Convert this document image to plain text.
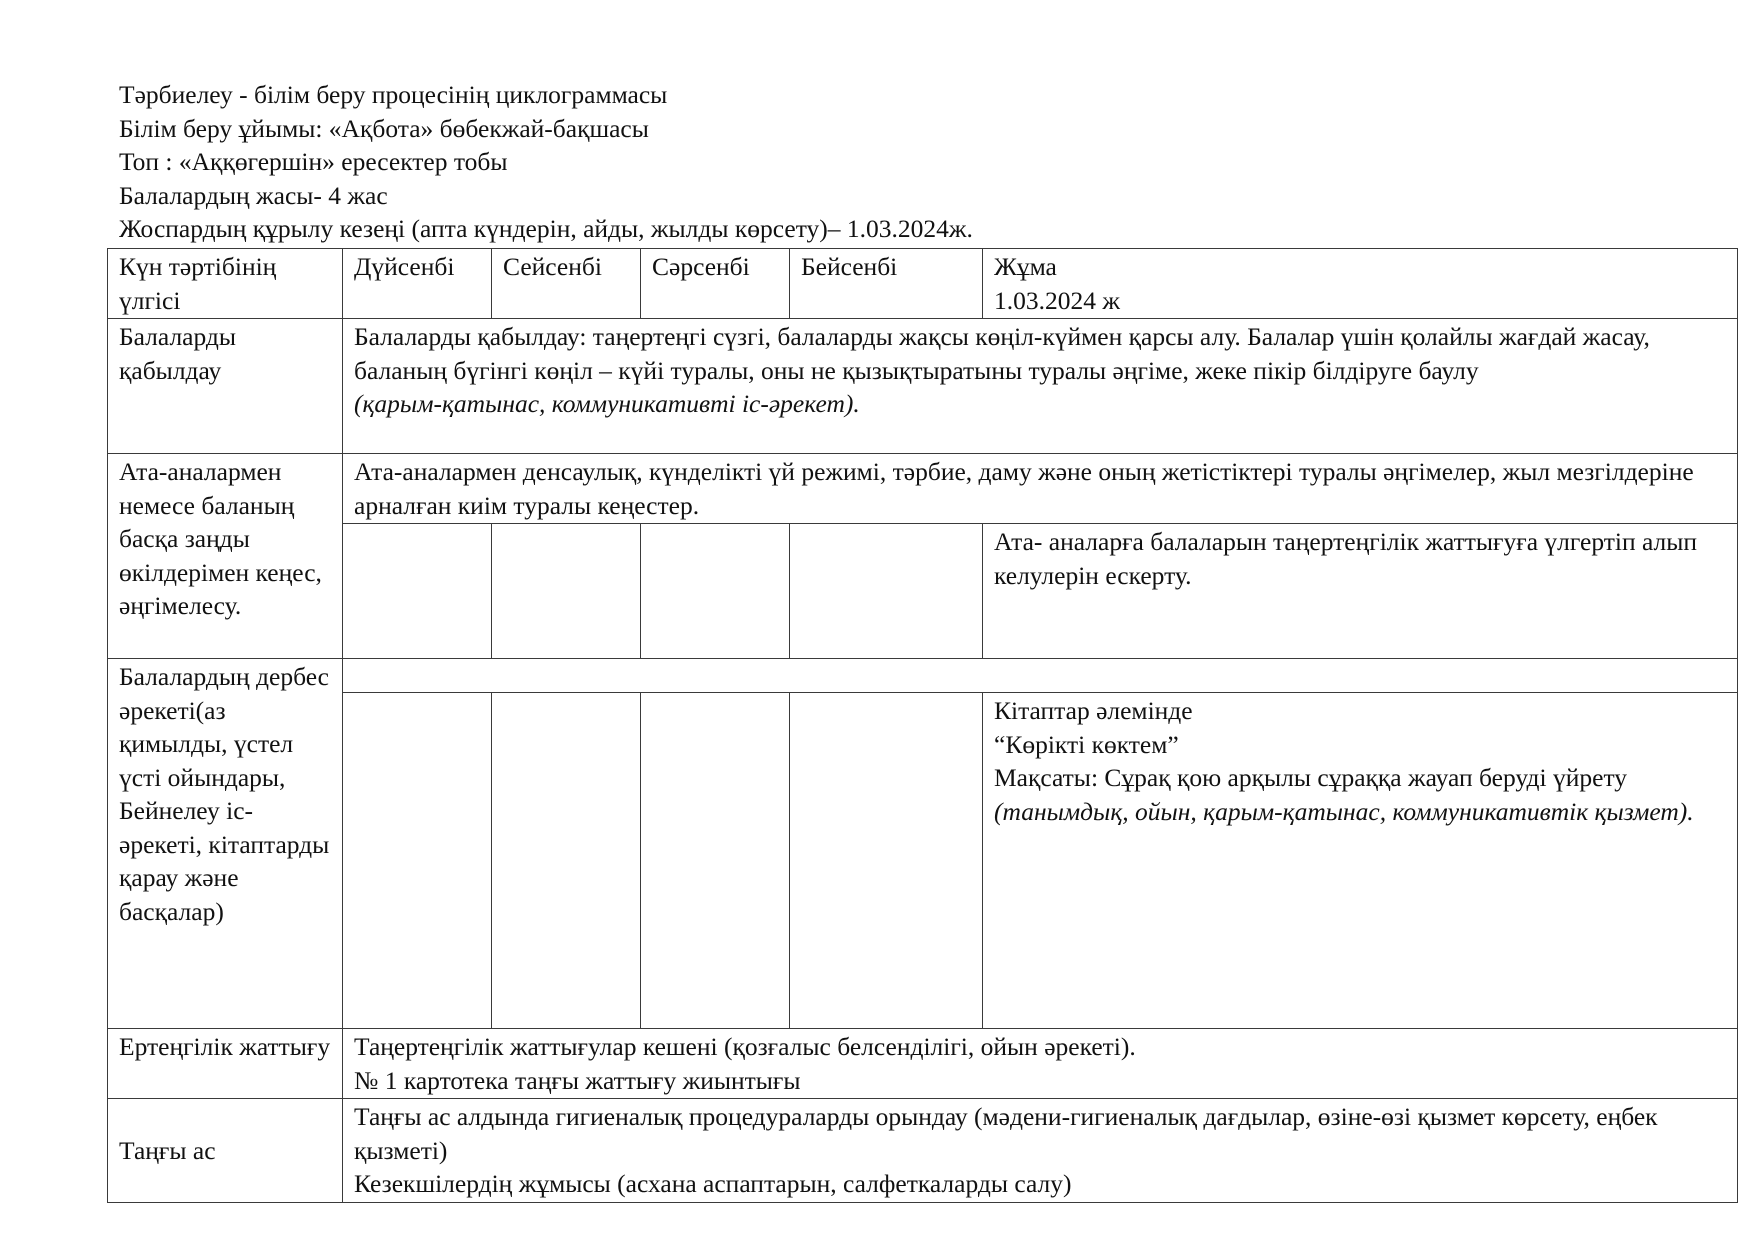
Тәрбиелеу - білім беру процесінің циклограммасы
Білім беру ұйымы: «Ақбота» бөбекжай-бақшасы
Топ : «Аққөгершін» ересектер тобы
Балалардың жасы- 4 жас
Жоспардың құрылу кезеңі (апта күндерін, айды, жылды көрсету)– 1.03.2024ж.
Күн тәртібінің үлгісі	Дүйсенбі	Сейсенбі	Сәрсенбі	Бейсенбі	Жұма
1.03.2024 ж

Балаларды қабылдау	Балаларды қабылдау: таңертеңгі сүзгі, балаларды жақсы көңіл-күймен қарсы алу. Балалар үшін қолайлы жағдай жасау, баланың бүгінгі көңіл – күйі туралы, оны не қызықтыратыны туралы әңгіме, жеке пікір білдіруге баулу
(қарым-қатынас, коммуникативті іс-әрекет).				

Ата-аналармен немесе баланың басқа заңды өкілдерімен кеңес, әңгімелесу.	Ата-аналармен денсаулық, күнделікті үй режимі, тәрбие, даму және оның жетістіктері туралы әңгімелер, жыл мезгілдеріне арналған киім туралы кеңестер.				
					Ата- аналарға балаларын таңертеңгілік жаттығуға үлгертіп алып келулерін ескерту.
Балалардың дербес әрекеті(аз қимылды, үстел үсті ойындары, Бейнелеу іс-әрекеті, кітаптарды қарау және басқалар)					

					Кітаптар әлемінде
“Көрікті көктем”
Мақсаты: Сұрақ қою арқылы сұраққа жауап беруді үйрету
(танымдық, ойын, қарым-қатынас, коммуникативтік қызмет).

Ертеңгілік жаттығу	Таңертеңгілік жаттығулар кешені (қозғалыс белсенділігі, ойын әрекеті).
№ 1 картотека таңғы жаттығу жиынтығы				

Таңғы ас	Таңғы ас алдында гигиеналық процедураларды орындау (мәдени-гигиеналық дағдылар, өзіне-өзі қызмет көрсету, еңбек қызметі)
Кезекшілердің жұмысы (асхана аспаптарын, салфеткаларды салу)				
